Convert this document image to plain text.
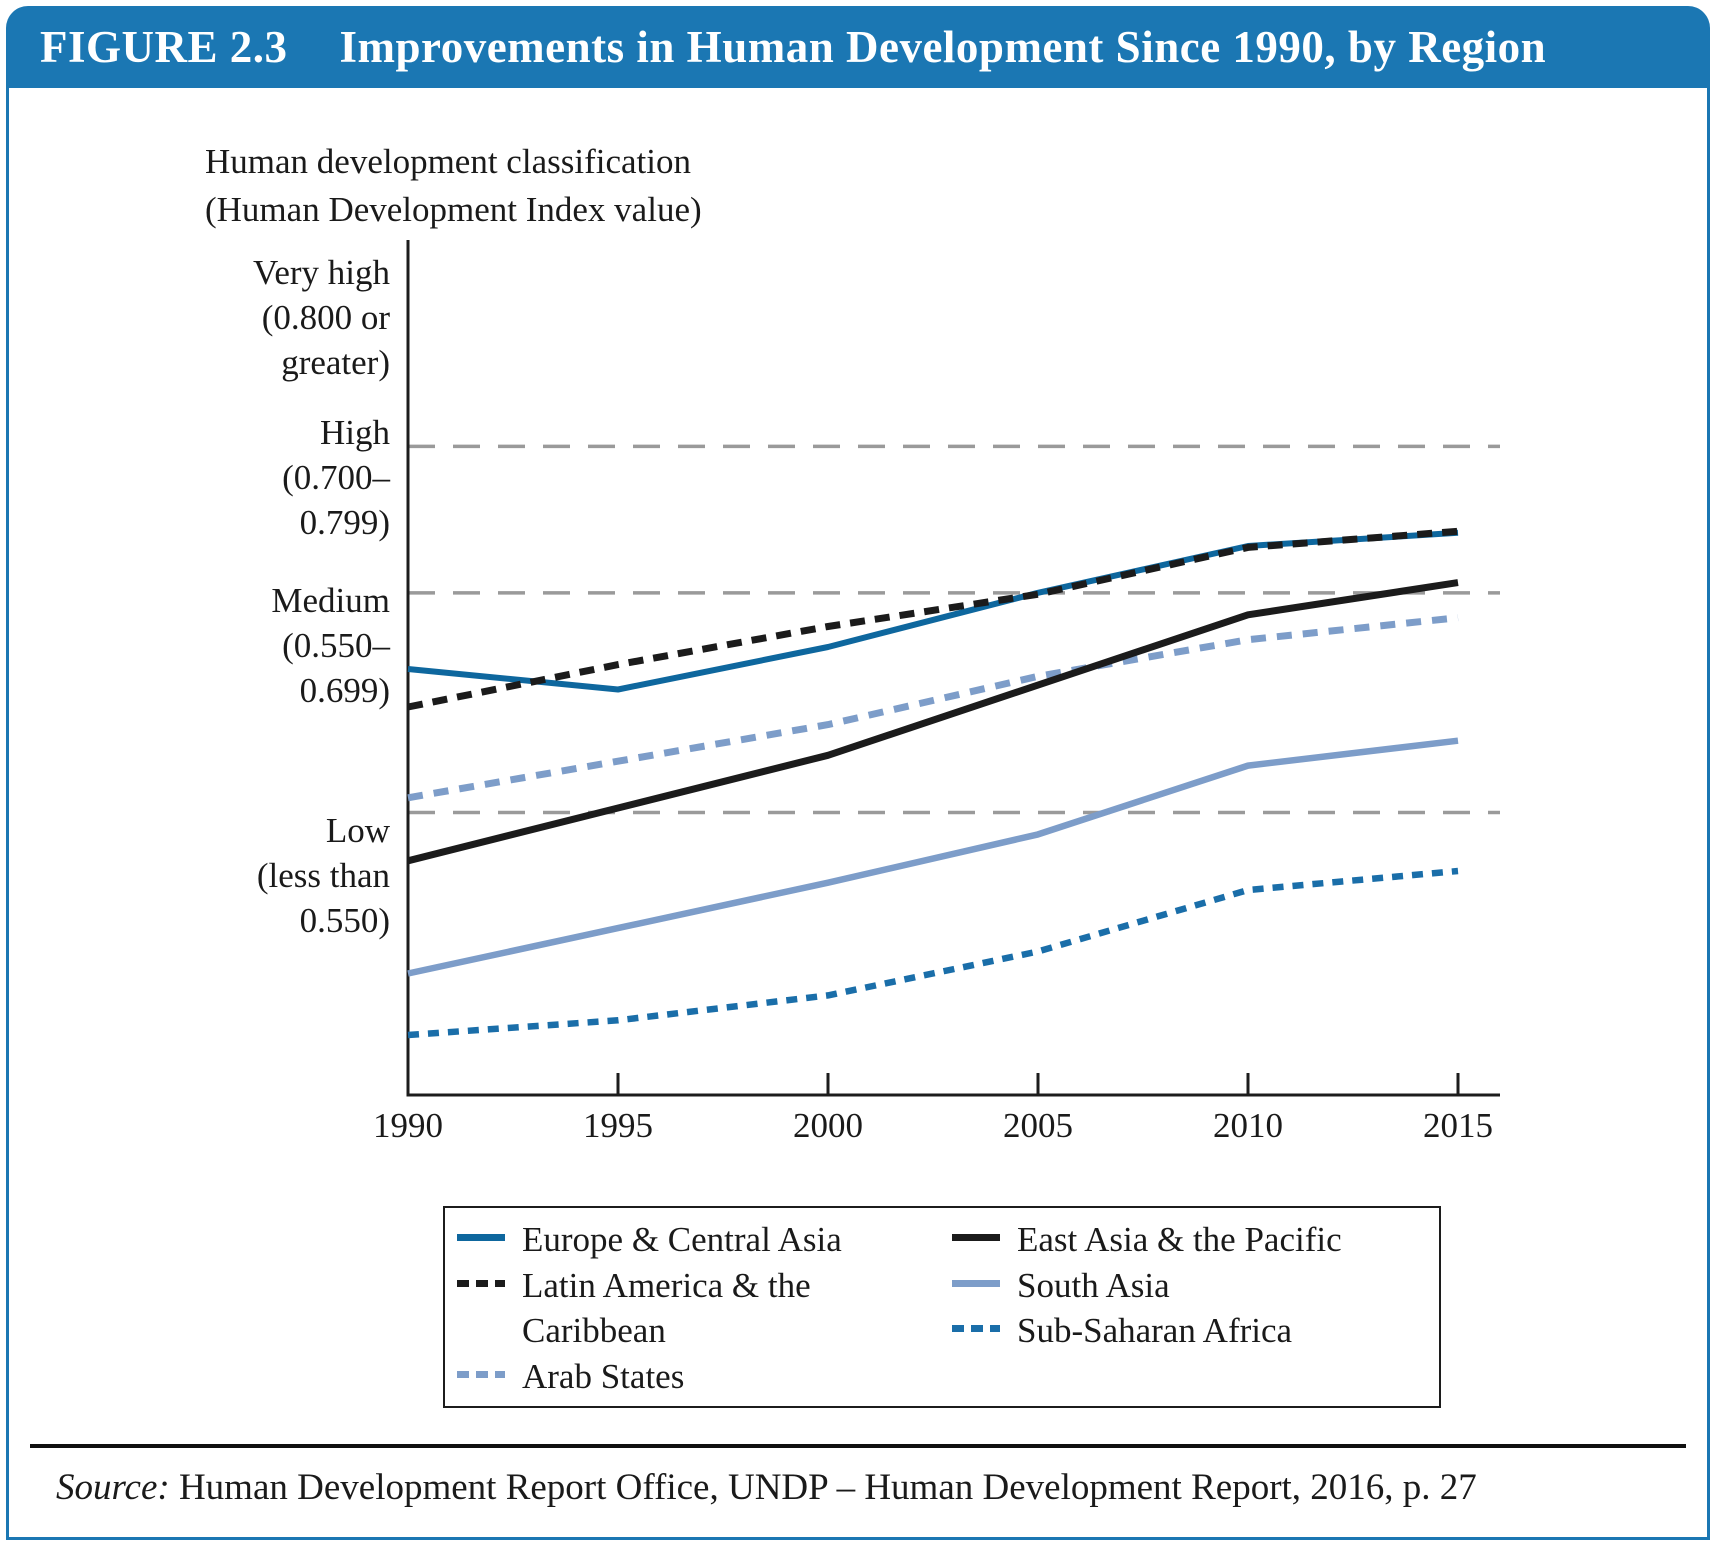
FIGURE 2.3 Improvements in Human Development Since 1990, by Region
Human development classification
(Human Development Index value)
Very high
(0.800 or
greater)
High
(0.700–
0.799)
Medium
(0.550–
0.699)
Low
(less than
0.550)
1990	1995	2000	2005	2010	2015
Europe & Central Asia	East Asia & the Pacific
Latin America & the
Caribbean
South Asia
Arab States
Sub-Saharan Africa
Source: Human Development Report Office, UNDP – Human Development Report, 2016, p. 27
